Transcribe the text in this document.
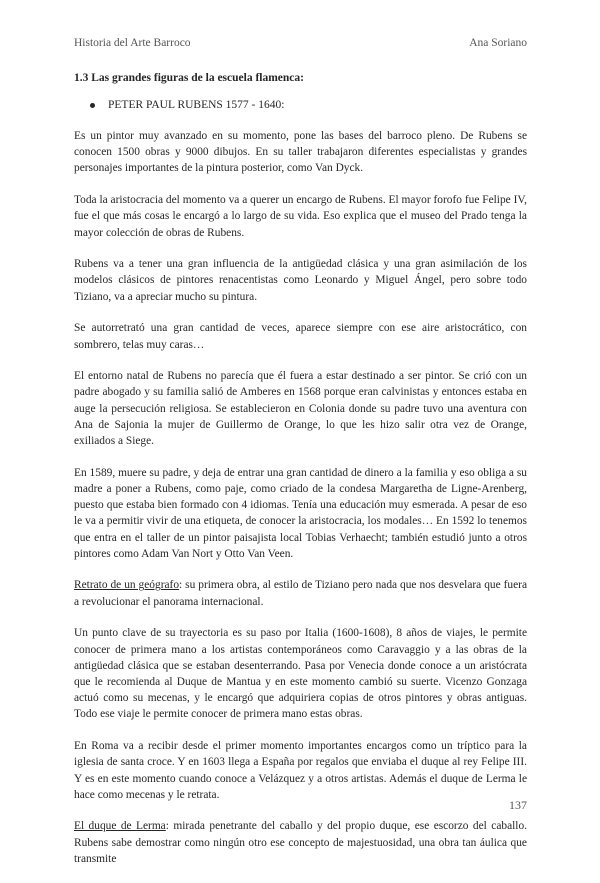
Historia del Arte Barroco	Ana Soriano
1.3 Las grandes figuras de la escuela flamenca:
PETER PAUL RUBENS 1577 - 1640:

Es un pintor muy avanzado en su momento, pone las bases del barroco pleno. De Rubens se conocen 1500 obras y 9000 dibujos. En su taller trabajaron diferentes especialistas y grandes personajes importantes de la pintura posterior, como Van Dyck.

Toda la aristocracia del momento va a querer un encargo de Rubens. El mayor forofo fue Felipe IV, fue el que más cosas le encargó a lo largo de su vida. Eso explica que el museo del Prado tenga la mayor colección de obras de Rubens.

Rubens va a tener una gran influencia de la antigüedad clásica y una gran asimilación de los modelos clásicos de pintores renacentistas como Leonardo y Miguel Ángel, pero sobre todo Tiziano, va a apreciar mucho su pintura.

Se autorretrató una gran cantidad de veces, aparece siempre con ese aire aristocrático, con sombrero, telas muy caras…

El entorno natal de Rubens no parecía que él fuera a estar destinado a ser pintor. Se crió con un padre abogado y su familia salió de Amberes en 1568 porque eran calvinistas y entonces estaba en auge la persecución religiosa. Se establecieron en Colonia donde su padre tuvo una aventura con Ana de Sajonia la mujer de Guillermo de Orange, lo que les hizo salir otra vez de Orange, exiliados a Siege.

En 1589, muere su padre, y deja de entrar una gran cantidad de dinero a la familia y eso obliga a su madre a poner a Rubens, como paje, como criado de la condesa Margaretha de Ligne-Arenberg, puesto que estaba bien formado con 4 idiomas. Tenía una educación muy esmerada. A pesar de eso le va a permitir vivir de una etiqueta, de conocer la aristocracia, los modales… En 1592 lo tenemos que entra en el taller de un pintor paisajista local Tobias Verhaecht; también estudió junto a otros pintores como Adam Van Nort y Otto Van Veen.

Retrato de un geógrafo: su primera obra, al estilo de Tiziano pero nada que nos desvelara que fuera a revolucionar el panorama internacional.

Un punto clave de su trayectoria es su paso por Italia (1600-1608), 8 años de viajes, le permite conocer de primera mano a los artistas contemporáneos como Caravaggio y a las obras de la antigüedad clásica que se estaban desenterrando. Pasa por Venecia donde conoce a un aristócrata que le recomienda al Duque de Mantua y en este momento cambió su suerte. Vicenzo Gonzaga actuó como su mecenas, y le encargó que adquiriera copias de otros pintores y obras antiguas. Todo ese viaje le permite conocer de primera mano estas obras.

En Roma va a recibir desde el primer momento importantes encargos como un tríptico para la iglesia de santa croce. Y en 1603 llega a España por regalos que enviaba el duque al rey Felipe III. Y es en este momento cuando conoce a Velázquez y a otros artistas. Además el duque de Lerma le hace como mecenas y le retrata.

El duque de Lerma: mirada penetrante del caballo y del propio duque, ese escorzo del caballo. Rubens sabe demostrar como ningún otro ese concepto de majestuosidad, una obra tan áulica que transmite

137
